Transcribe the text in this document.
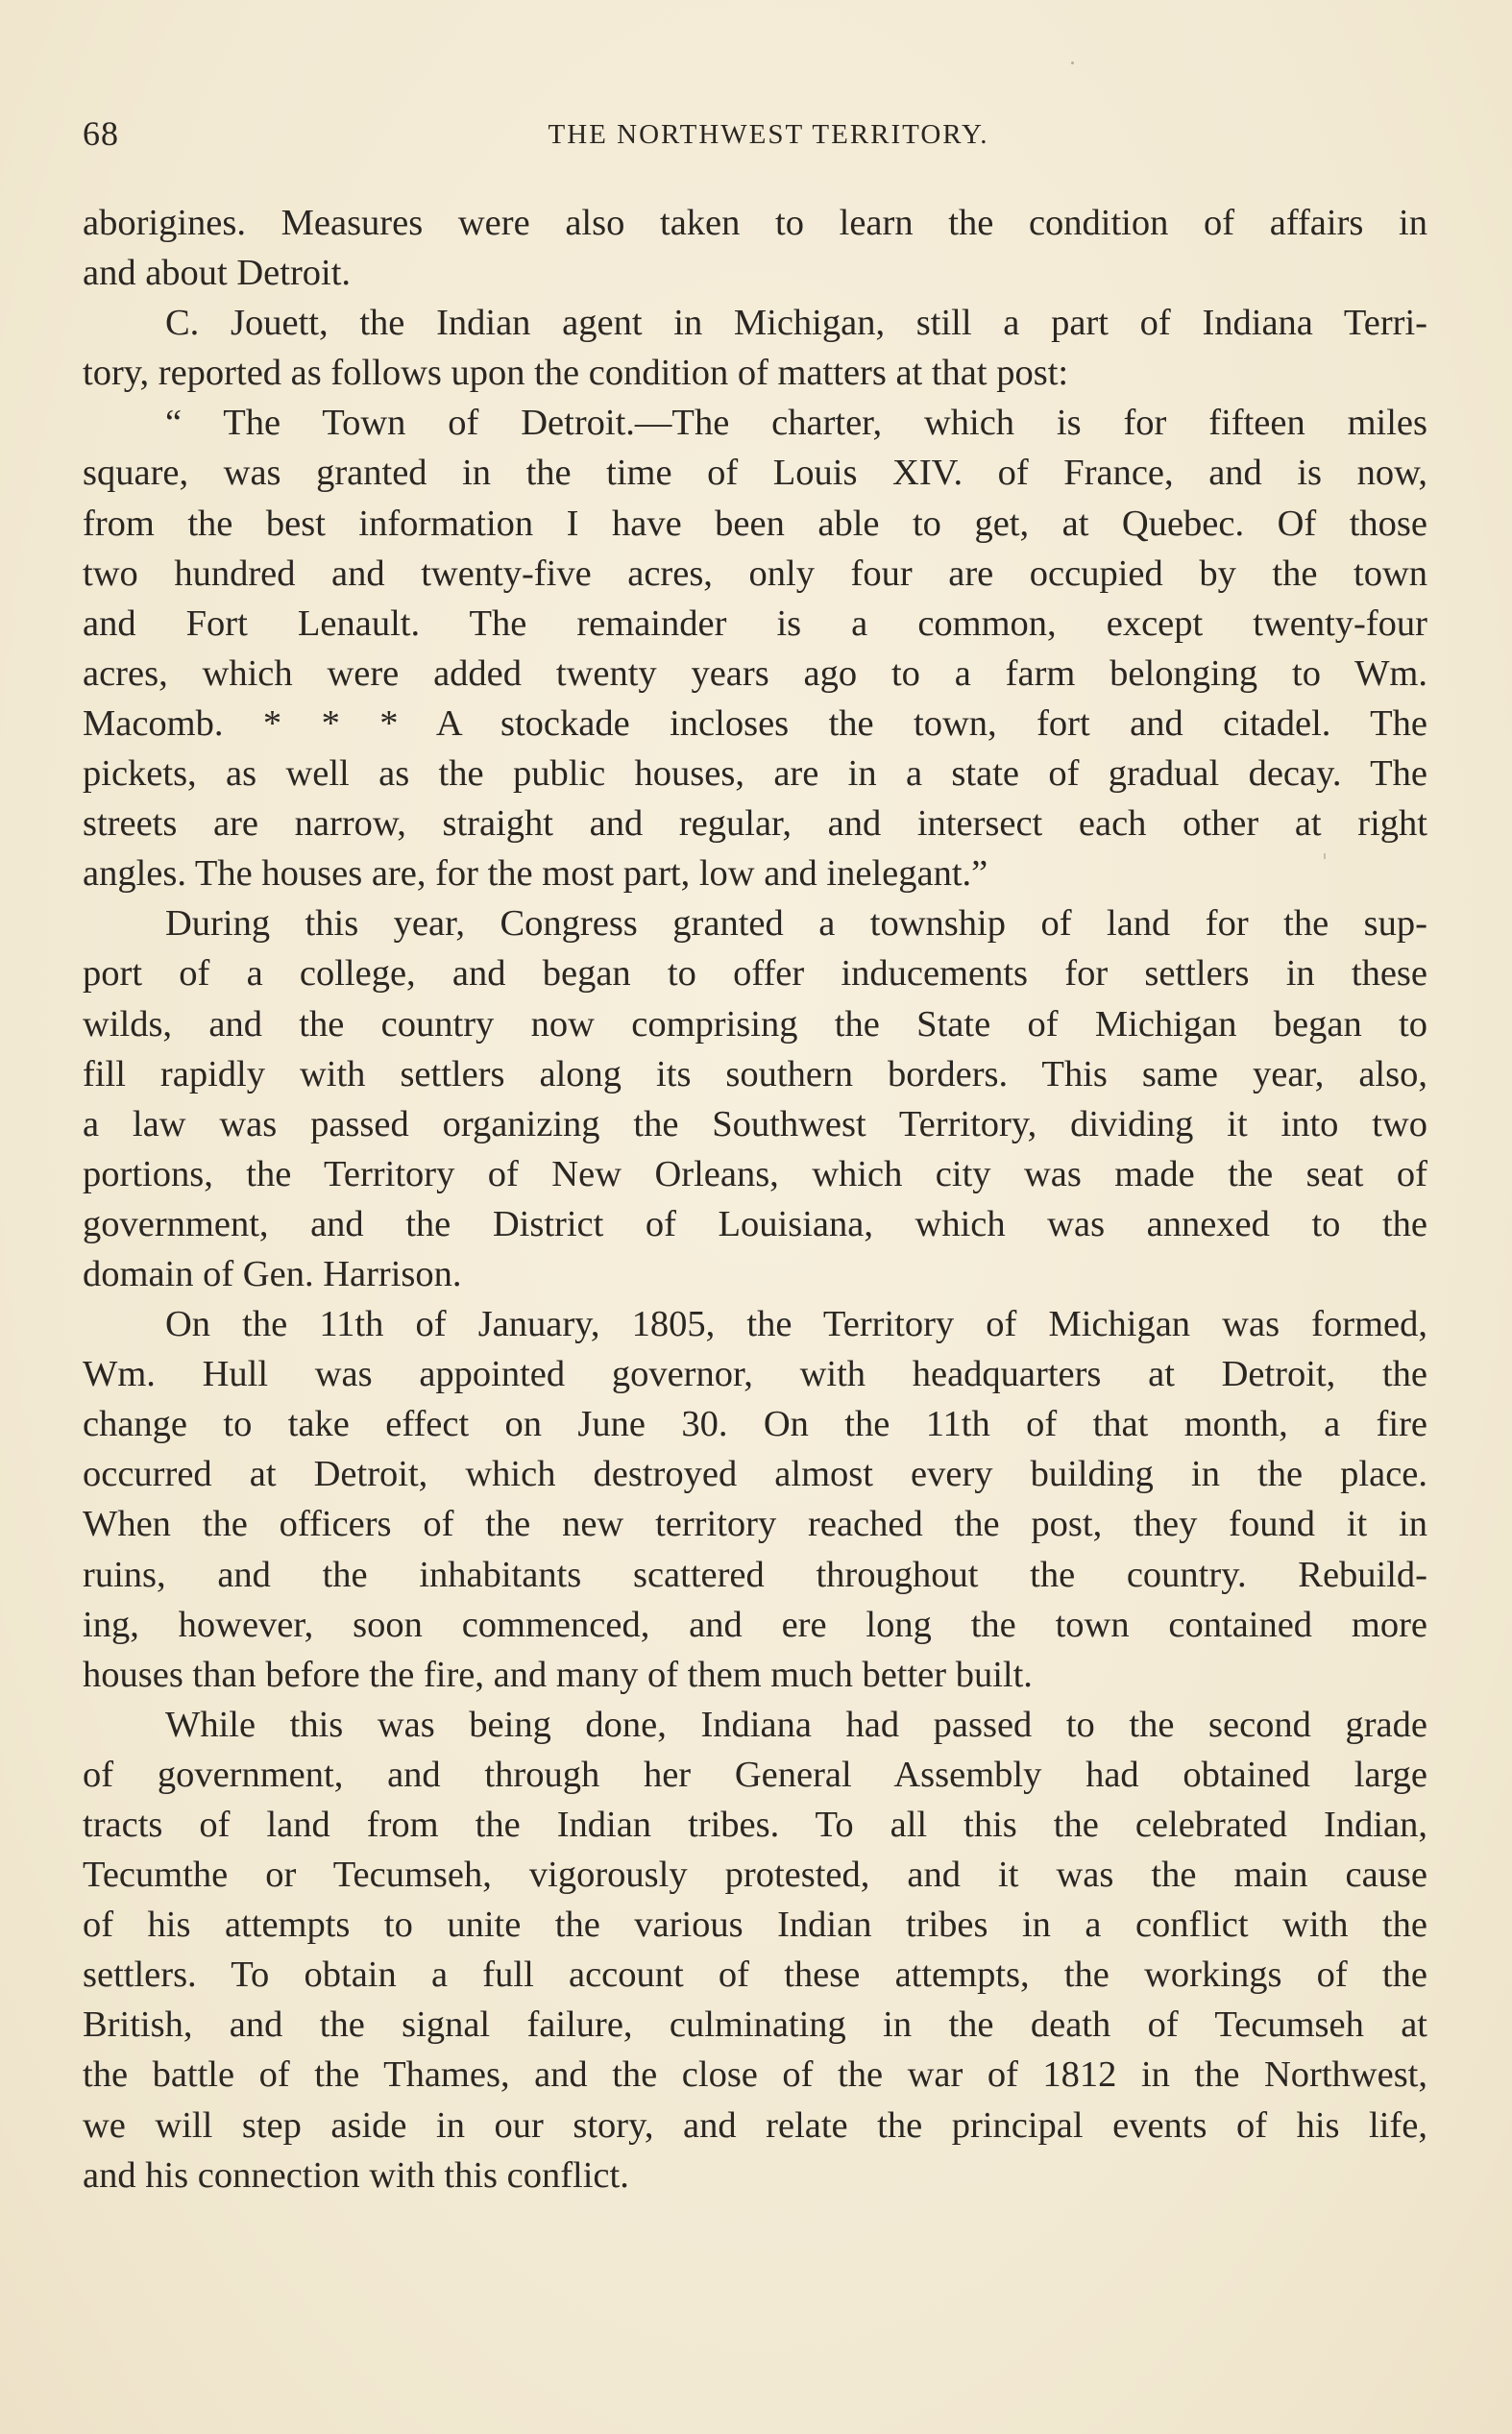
68	THE NORTHWEST TERRITORY.
aborigines. Measures were also taken to learn the condition of affairs in
and about Detroit.
C. Jouett, the Indian agent in Michigan, still a part of Indiana Terri-
tory, reported as follows upon the condition of matters at that post:
“ The Town of Detroit.—The charter, which is for fifteen miles
square, was granted in the time of Louis XIV. of France, and is now,
from the best information I have been able to get, at Quebec. Of those
two hundred and twenty-five acres, only four are occupied by the town
and Fort Lenault. The remainder is a common, except twenty-four
acres, which were added twenty years ago to a farm belonging to Wm.
Macomb. * * * A stockade incloses the town, fort and citadel. The
pickets, as well as the public houses, are in a state of gradual decay. The
streets are narrow, straight and regular, and intersect each other at right
angles. The houses are, for the most part, low and inelegant.”
During this year, Congress granted a township of land for the sup-
port of a college, and began to offer inducements for settlers in these
wilds, and the country now comprising the State of Michigan began to
fill rapidly with settlers along its southern borders. This same year, also,
a law was passed organizing the Southwest Territory, dividing it into two
portions, the Territory of New Orleans, which city was made the seat of
government, and the District of Louisiana, which was annexed to the
domain of Gen. Harrison.
On the 11th of January, 1805, the Territory of Michigan was formed,
Wm. Hull was appointed governor, with headquarters at Detroit, the
change to take effect on June 30. On the 11th of that month, a fire
occurred at Detroit, which destroyed almost every building in the place.
When the officers of the new territory reached the post, they found it in
ruins, and the inhabitants scattered throughout the country. Rebuild-
ing, however, soon commenced, and ere long the town contained more
houses than before the fire, and many of them much better built.
While this was being done, Indiana had passed to the second grade
of government, and through her General Assembly had obtained large
tracts of land from the Indian tribes. To all this the celebrated Indian,
Tecumthe or Tecumseh, vigorously protested, and it was the main cause
of his attempts to unite the various Indian tribes in a conflict with the
settlers. To obtain a full account of these attempts, the workings of the
British, and the signal failure, culminating in the death of Tecumseh at
the battle of the Thames, and the close of the war of 1812 in the Northwest,
we will step aside in our story, and relate the principal events of his life,
and his connection with this conflict.
